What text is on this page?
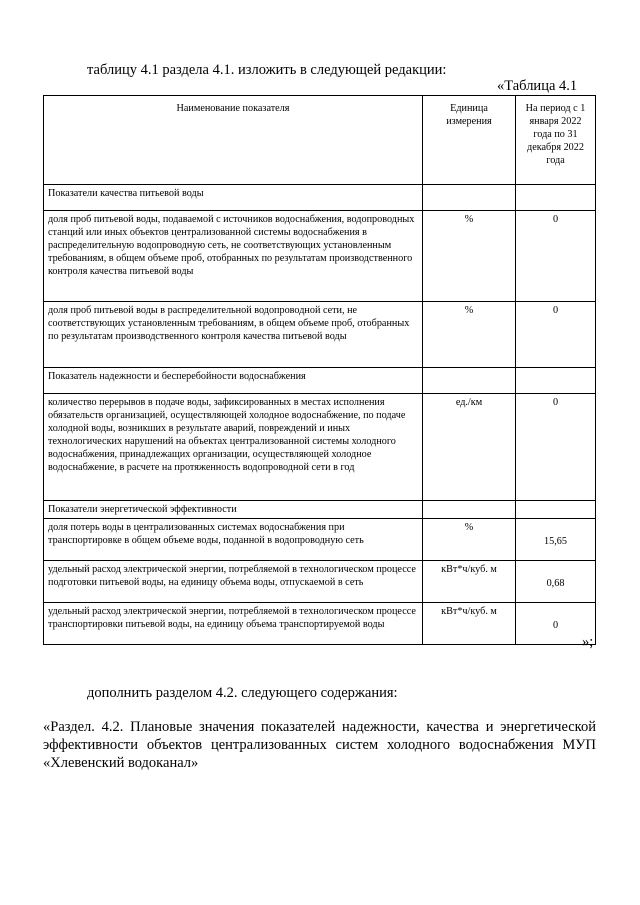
таблицу 4.1 раздела 4.1. изложить в следующей редакции:
«Таблица 4.1
Наименование показателя	Единица измерения	На период с 1 января 2022 года по 31 декабря 2022 года
Показатели качества питьевой воды		
доля проб питьевой воды, подаваемой с источников водоснабжения, водопроводных станций или иных объектов централизованной системы водоснабжения в распределительную водопроводную сеть, не соответствующих установленным требованиям, в общем объеме проб, отобранных по результатам производственного контроля качества питьевой воды	%	0
доля проб питьевой воды в распределительной водопроводной сети, не соответствующих установленным требованиям, в общем объеме проб, отобранных по результатам производственного контроля качества питьевой воды	%	0
Показатель надежности и бесперебойности водоснабжения		
количество перерывов в подаче воды, зафиксированных в местах исполнения обязательств организацией, осуществляющей холодное водоснабжение, по подаче холодной воды, возникших в результате аварий, повреждений и иных технологических нарушений на объектах централизованной системы холодного водоснабжения, принадлежащих организации, осуществляющей холодное водоснабжение, в расчете на протяженность водопроводной сети в год	ед./км	0
Показатели энергетической эффективности		
доля потерь воды в централизованных системах водоснабжения при транспортировке в общем объеме воды, поданной в водопроводную сеть	%	15,65
удельный расход электрической энергии, потребляемой в технологическом процессе подготовки питьевой воды, на единицу объема воды, отпускаемой в сеть	кВт*ч/куб. м	0,68
удельный расход электрической энергии, потребляемой в технологическом процессе транспортировки питьевой воды, на единицу объема транспортируемой воды	кВт*ч/куб. м	0
»;
дополнить разделом 4.2. следующего содержания:
«Раздел. 4.2. Плановые значения показателей надежности, качества и энергетической эффективности объектов централизованных систем холодного водоснабжения МУП «Хлевенский водоканал»
